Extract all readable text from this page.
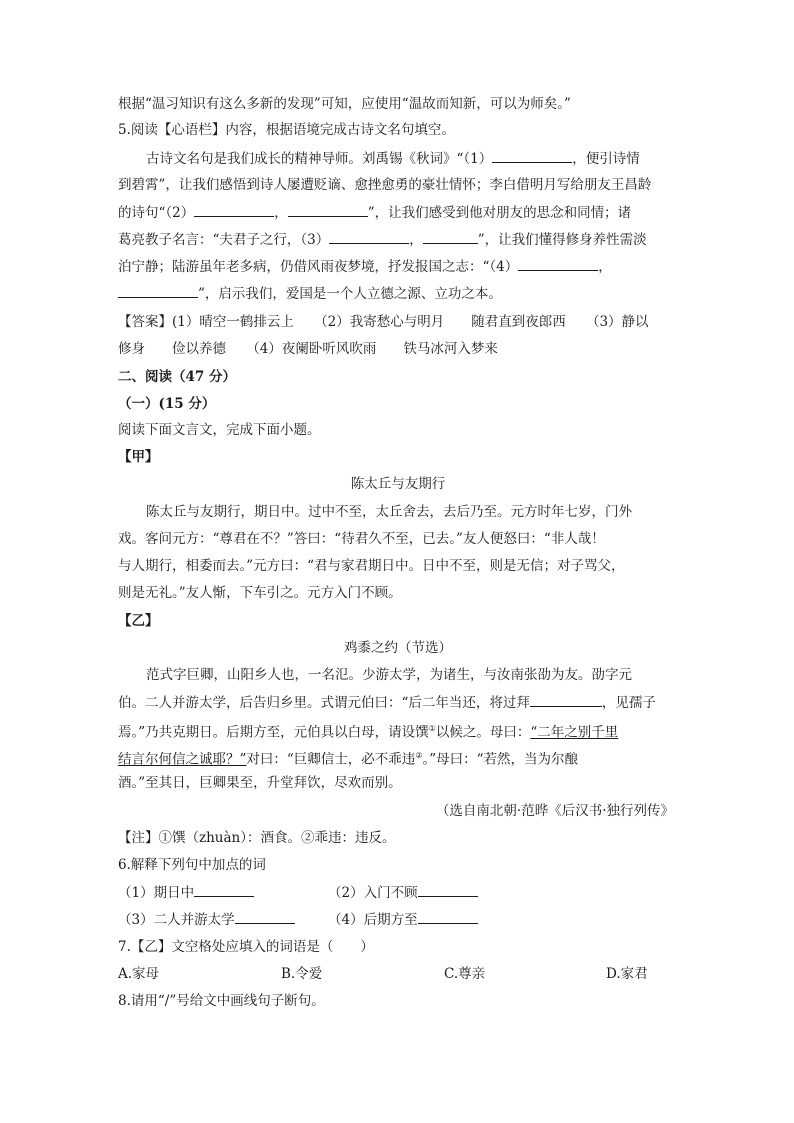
根据“温习知识有这么多新的发现”可知，应使用“温故而知新，可以为师矣。”
5.阅读【心语栏】内容，根据语境完成古诗文名句填空。
古诗文名句是我们成长的精神导师。刘禹锡《秋词》“（1）	，便引诗情
到碧霄”，让我们感悟到诗人屡遭贬谪、愈挫愈勇的豪壮情怀；李白借明月写给朋友王昌龄
的诗句“（2）	，	”，让我们感受到他对朋友的思念和同情；诸
葛亮教子名言：“夫君子之行，（3）	，	”，让我们懂得修身养性需淡
泊宁静；陆游虽年老多病，仍借风雨夜梦境，抒发报国之志：“（4）	，
”，启示我们，爱国是一个人立德之源、立功之本。
【答案】(1）晴空一鹤排云上　　（2）我寄愁心与明月　　随君直到夜郎西　　（3）静以
修身　　俭以养德　　（4）夜阑卧听风吹雨　　铁马冰河入梦来
二、阅读（47 分）
（一）(15 分）
阅读下面文言文，完成下面小题。
【甲】
陈太丘与友期行
陈太丘与友期行，期日中。过中不至，太丘舍去，去后乃至。元方时年七岁，门外
戏。客问元方：“尊君在不？”答曰：“待君久不至，已去。”友人便怒曰：“非人哉！
与人期行，相委而去。”元方曰：“君与家君期日中。日中不至，则是无信；对子骂父，
则是无礼。”友人惭，下车引之。元方入门不顾。
【乙】
鸡黍之约（节选）
范式字巨卿，山阳乡人也，一名氾。少游太学，为诸生，与汝南张劭为友。劭字元
伯。二人并游太学，后告归乡里。式谓元伯曰：“后二年当还，将过拜	，见孺子
焉。”乃共克期日。后期方至，元伯具以白母，请设馔①以候之。母曰：“二年之别千里
结言尔何信之诚耶？”对曰：“巨卿信士，必不乖违②。”母曰：“若然，当为尔酿
酒。”至其日，巨卿果至，升堂拜饮，尽欢而别。
（选自南北朝·范晔《后汉书·独行列传》
【注】①馔（zhuàn）：酒食。②乖违：违反。
6.解释下列句中加点的词
（1）期日中	（2）入门不顾
（3）二人并游太学	（4）后期方至
7.【乙】文空格处应填入的词语是（　　）
A.家母	B.令爱	C.尊亲	D.家君
8.请用“/”号给文中画线句子断句。
